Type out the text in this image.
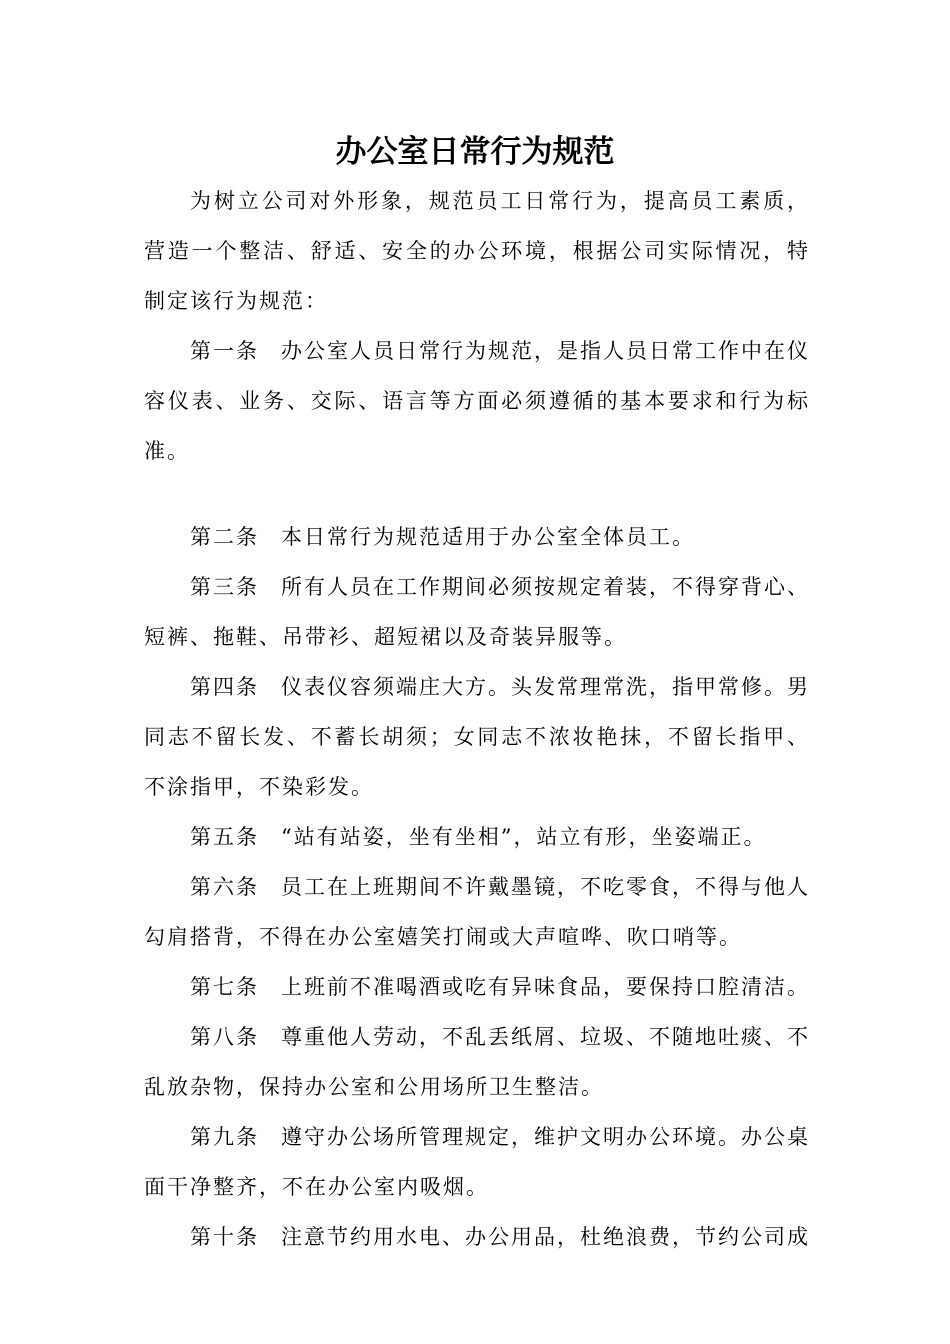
办公室日常行为规范

为树立公司对外形象，规范员工日常行为，提高员工素质，营造一个整洁、舒适、安全的办公环境，根据公司实际情况，特制定该行为规范：

第一条 办公室人员日常行为规范，是指人员日常工作中在仪容仪表、业务、交际、语言等方面必须遵循的基本要求和行为标准。

第二条 本日常行为规范适用于办公室全体员工。

第三条 所有人员在工作期间必须按规定着装，不得穿背心、短裤、拖鞋、吊带衫、超短裙以及奇装异服等。

第四条 仪表仪容须端庄大方。头发常理常洗，指甲常修。男同志不留长发、不蓄长胡须；女同志不浓妆艳抹，不留长指甲、不涂指甲，不染彩发。

第五条 “站有站姿，坐有坐相”，站立有形，坐姿端正。

第六条 员工在上班期间不许戴墨镜，不吃零食，不得与他人勾肩搭背，不得在办公室嬉笑打闹或大声喧哗、吹口哨等。

第七条 上班前不准喝酒或吃有异味食品，要保持口腔清洁。

第八条 尊重他人劳动，不乱丢纸屑、垃圾、不随地吐痰、不乱放杂物，保持办公室和公用场所卫生整洁。

第九条 遵守办公场所管理规定，维护文明办公环境。办公桌面干净整齐，不在办公室内吸烟。

第十条 注意节约用水电、办公用品，杜绝浪费，节约公司成
